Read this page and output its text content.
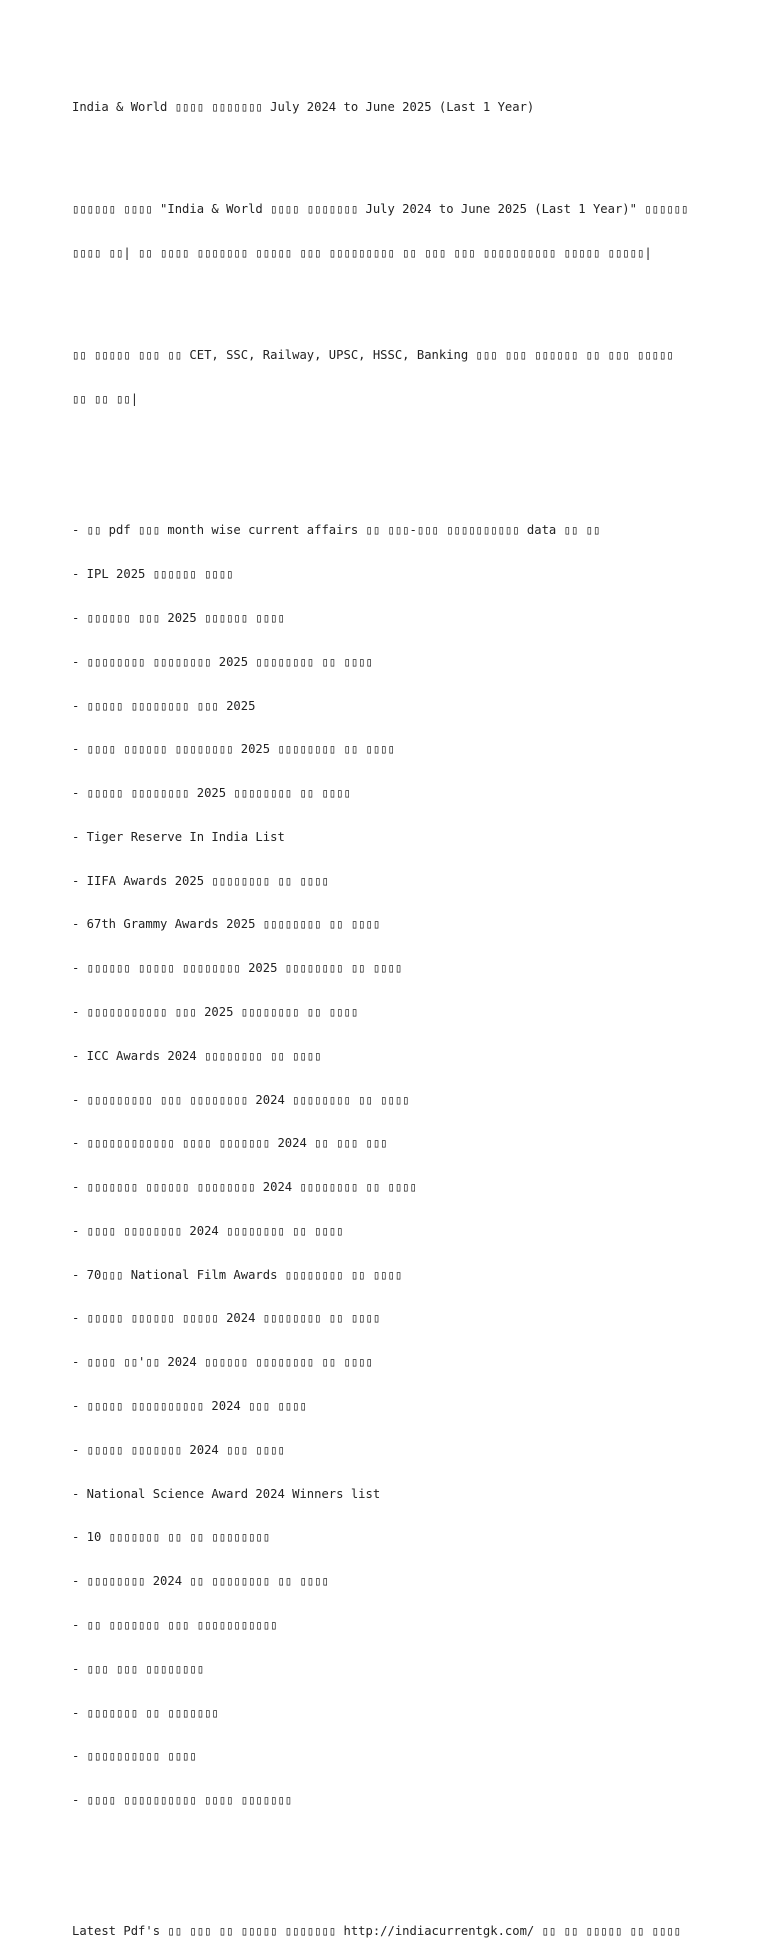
India & World ▯▯▯▯ ▯▯▯▯▯▯▯ July 2024 to June 2025 (Last 1 Year)

▯▯▯▯▯▯ ▯▯▯▯ "India & World ▯▯▯▯ ▯▯▯▯▯▯▯ July 2024 to June 2025 (Last 1 Year)" ▯▯▯▯▯▯

▯▯▯▯ ▯▯| ▯▯ ▯▯▯▯ ▯▯▯▯▯▯▯ ▯▯▯▯▯ ▯▯▯ ▯▯▯▯▯▯▯▯▯ ▯▯ ▯▯▯ ▯▯▯ ▯▯▯▯▯▯▯▯▯▯ ▯▯▯▯▯ ▯▯▯▯▯|

▯▯ ▯▯▯▯▯ ▯▯▯ ▯▯ CET, SSC, Railway, UPSC, HSSC, Banking ▯▯▯ ▯▯▯ ▯▯▯▯▯▯ ▯▯ ▯▯▯ ▯▯▯▯▯

▯▯ ▯▯ ▯▯|

- ▯▯ pdf ▯▯▯ month wise current affairs ▯▯ ▯▯▯-▯▯▯ ▯▯▯▯▯▯▯▯▯▯ data ▯▯ ▯▯

- IPL 2025 ▯▯▯▯▯▯ ▯▯▯▯

- ▯▯▯▯▯▯ ▯▯▯ 2025 ▯▯▯▯▯▯ ▯▯▯▯

- ▯▯▯▯▯▯▯▯ ▯▯▯▯▯▯▯▯ 2025 ▯▯▯▯▯▯▯▯ ▯▯ ▯▯▯▯

- ▯▯▯▯▯ ▯▯▯▯▯▯▯▯ ▯▯▯ 2025

- ▯▯▯▯ ▯▯▯▯▯▯ ▯▯▯▯▯▯▯▯ 2025 ▯▯▯▯▯▯▯▯ ▯▯ ▯▯▯▯

- ▯▯▯▯▯ ▯▯▯▯▯▯▯▯ 2025 ▯▯▯▯▯▯▯▯ ▯▯ ▯▯▯▯

- Tiger Reserve In India List

- IIFA Awards 2025 ▯▯▯▯▯▯▯▯ ▯▯ ▯▯▯▯

- 67th Grammy Awards 2025 ▯▯▯▯▯▯▯▯ ▯▯ ▯▯▯▯

- ▯▯▯▯▯▯ ▯▯▯▯▯ ▯▯▯▯▯▯▯▯ 2025 ▯▯▯▯▯▯▯▯ ▯▯ ▯▯▯▯

- ▯▯▯▯▯▯▯▯▯▯▯ ▯▯▯ 2025 ▯▯▯▯▯▯▯▯ ▯▯ ▯▯▯▯

- ICC Awards 2024 ▯▯▯▯▯▯▯▯ ▯▯ ▯▯▯▯

- ▯▯▯▯▯▯▯▯▯ ▯▯▯ ▯▯▯▯▯▯▯▯ 2024 ▯▯▯▯▯▯▯▯ ▯▯ ▯▯▯▯

- ▯▯▯▯▯▯▯▯▯▯▯▯ ▯▯▯▯ ▯▯▯▯▯▯▯ 2024 ▯▯ ▯▯▯ ▯▯▯

- ▯▯▯▯▯▯▯ ▯▯▯▯▯▯ ▯▯▯▯▯▯▯▯ 2024 ▯▯▯▯▯▯▯▯ ▯▯ ▯▯▯▯

- ▯▯▯▯ ▯▯▯▯▯▯▯▯ 2024 ▯▯▯▯▯▯▯▯ ▯▯ ▯▯▯▯

- 70▯▯▯ National Film Awards ▯▯▯▯▯▯▯▯ ▯▯ ▯▯▯▯

- ▯▯▯▯▯ ▯▯▯▯▯▯ ▯▯▯▯▯ 2024 ▯▯▯▯▯▯▯▯ ▯▯ ▯▯▯▯

- ▯▯▯▯ ▯▯'▯▯ 2024 ▯▯▯▯▯▯ ▯▯▯▯▯▯▯▯ ▯▯ ▯▯▯▯

- ▯▯▯▯▯ ▯▯▯▯▯▯▯▯▯▯ 2024 ▯▯▯ ▯▯▯▯

- ▯▯▯▯▯ ▯▯▯▯▯▯▯ 2024 ▯▯▯ ▯▯▯▯

- National Science Award 2024 Winners list

- 10 ▯▯▯▯▯▯▯ ▯▯ ▯▯ ▯▯▯▯▯▯▯▯

- ▯▯▯▯▯▯▯▯ 2024 ▯▯ ▯▯▯▯▯▯▯▯ ▯▯ ▯▯▯▯

- ▯▯ ▯▯▯▯▯▯▯ ▯▯▯ ▯▯▯▯▯▯▯▯▯▯▯

- ▯▯▯ ▯▯▯ ▯▯▯▯▯▯▯▯

- ▯▯▯▯▯▯▯ ▯▯ ▯▯▯▯▯▯▯

- ▯▯▯▯▯▯▯▯▯▯ ▯▯▯▯

- ▯▯▯▯ ▯▯▯▯▯▯▯▯▯▯ ▯▯▯▯ ▯▯▯▯▯▯▯

Latest Pdf's ▯▯ ▯▯▯ ▯▯ ▯▯▯▯▯ ▯▯▯▯▯▯▯ http://indiacurrentgk.com/ ▯▯ ▯▯ ▯▯▯▯▯ ▯▯ ▯▯▯▯
